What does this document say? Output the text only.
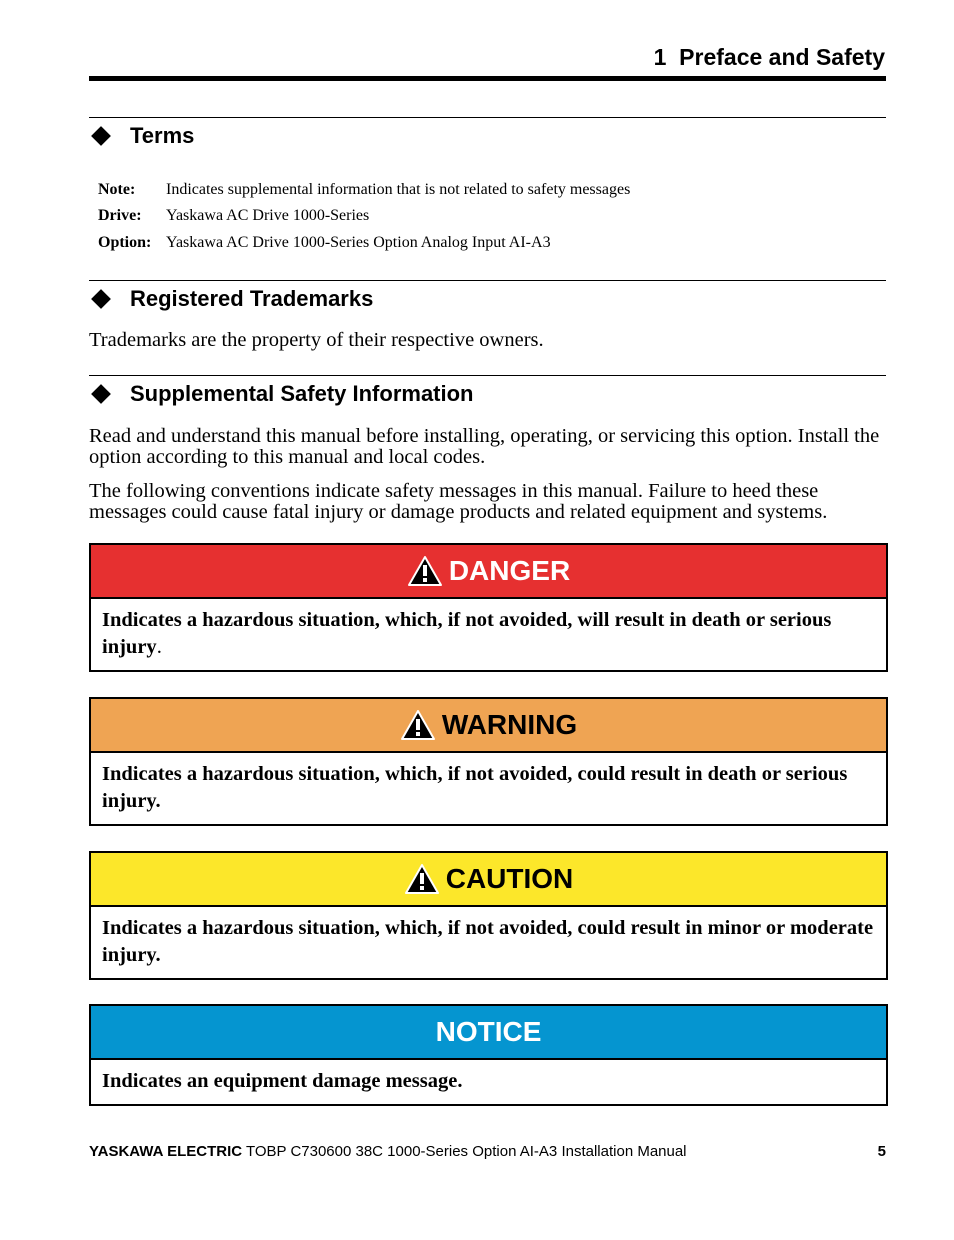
1  Preface and Safety
Terms
Note:	Indicates supplemental information that is not related to safety messages
Drive:	Yaskawa AC Drive 1000-Series
Option: Yaskawa AC Drive 1000-Series Option Analog Input AI-A3
Registered Trademarks
Trademarks are the property of their respective owners.
Supplemental Safety Information
Read and understand this manual before installing, operating, or servicing this option. Install the option according to this manual and local codes.
The following conventions indicate safety messages in this manual. Failure to heed these messages could cause fatal injury or damage products and related equipment and systems.
DANGER
Indicates a hazardous situation, which, if not avoided, will result in death or serious injury.
WARNING
Indicates a hazardous situation, which, if not avoided, could result in death or serious injury.
CAUTION
Indicates a hazardous situation, which, if not avoided, could result in minor or moderate injury.
NOTICE
Indicates an equipment damage message.
YASKAWA ELECTRIC TOBP C730600 38C 1000-Series Option AI-A3 Installation Manual	5
